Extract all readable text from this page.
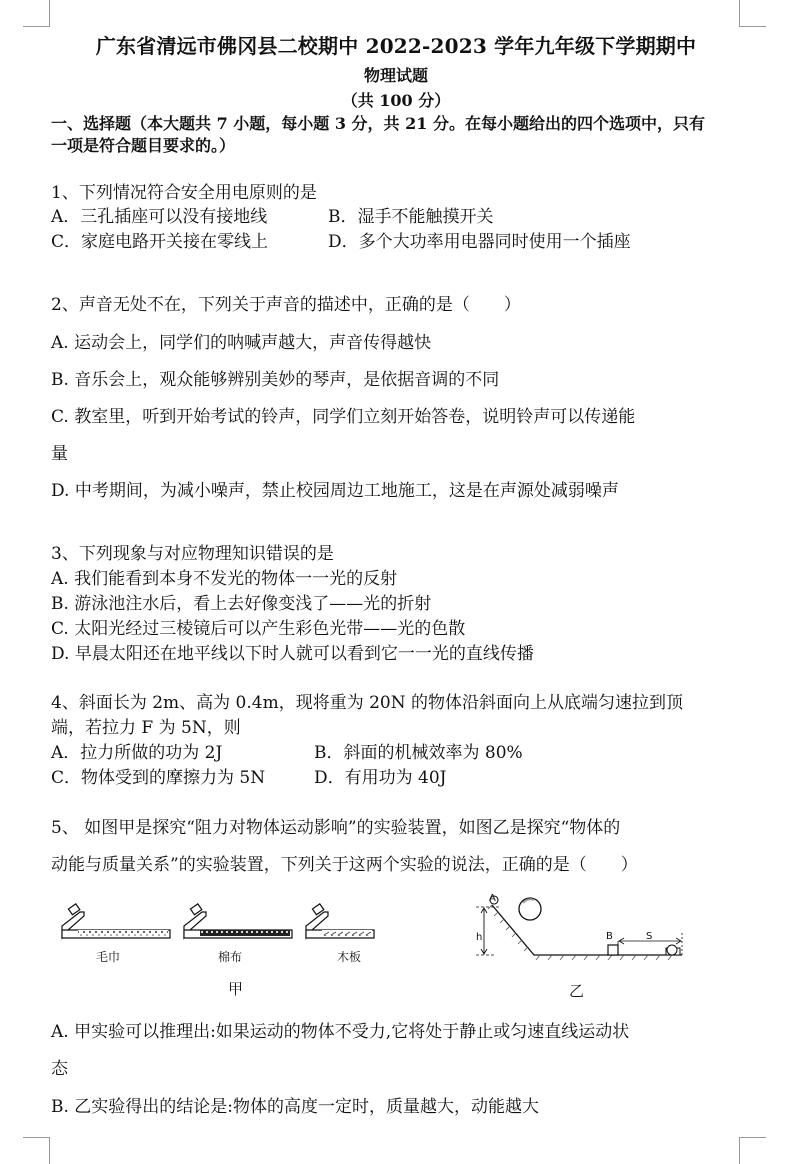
广东省清远市佛冈县二校期中 2022-2023 学年九年级下学期期中
物理试题
（共 100 分）
一、选择题（本大题共 7 小题，每小题 3 分，共 21 分。在每小题给出的四个选项中，只有
一项是符合题目要求的。）
1、下列情况符合安全用电原则的是
A．三孔插座可以没有接地线	B．湿手不能触摸开关
C．家庭电路开关接在零线上	D．多个大功率用电器同时使用一个插座
2、声音无处不在，下列关于声音的描述中，正确的是（　　）
A. 运动会上，同学们的呐喊声越大，声音传得越快
B. 音乐会上，观众能够辨别美妙的琴声，是依据音调的不同
C. 教室里，听到开始考试的铃声，同学们立刻开始答卷，说明铃声可以传递能
量
D. 中考期间，为减小噪声，禁止校园周边工地施工，这是在声源处减弱噪声
3、下列现象与对应物理知识错误的是
A. 我们能看到本身不发光的物体一一光的反射
B. 游泳池注水后，看上去好像变浅了——光的折射
C. 太阳光经过三棱镜后可以产生彩色光带——光的色散
D. 早晨太阳还在地平线以下时人就可以看到它一一光的直线传播
4、斜面长为 2m、高为 0.4m，现将重为 20N 的物体沿斜面向上从底端匀速拉到顶
端，若拉力 F 为 5N，则
A．拉力所做的功为 2J	B．斜面的机械效率为 80%
C．物体受到的摩擦力为 5N	D．有用功为 40J
5、 如图甲是探究“阻力对物体运动影响”的实验装置，如图乙是探究“物体的
动能与质量关系”的实验装置，下列关于这两个实验的说法，正确的是（　　）
毛巾	棉布	木板
甲
A
h	B	S
乙
A. 甲实验可以推理出:如果运动的物体不受力,它将处于静止或匀速直线运动状
态
B. 乙实验得出的结论是:物体的高度一定时，质量越大，动能越大
